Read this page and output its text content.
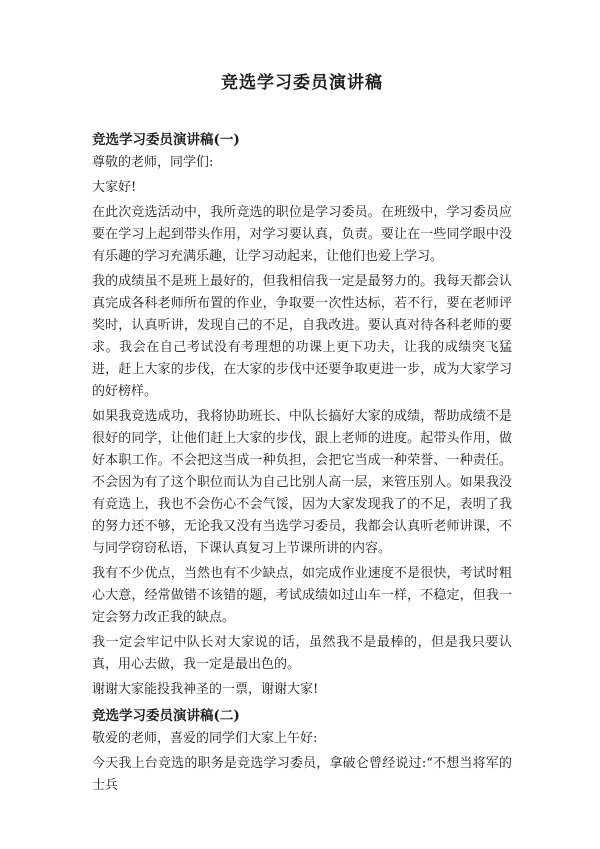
竞选学习委员演讲稿
竞选学习委员演讲稿(一)

尊敬的老师，同学们:

大家好!

在此次竞选活动中，我所竞选的职位是学习委员。在班级中，学习委员应要在学习上起到带头作用，对学习要认真，负责。要让在一些同学眼中没有乐趣的学习充满乐趣，让学习动起来，让他们也爱上学习。

我的成绩虽不是班上最好的，但我相信我一定是最努力的。我每天都会认真完成各科老师所布置的作业，争取要一次性达标，若不行，要在老师评奖时，认真听讲，发现自己的不足，自我改进。要认真对待各科老师的要求。我会在自己考试没有考理想的功课上更下功夫，让我的成绩突飞猛进，赶上大家的步伐，在大家的步伐中还要争取更进一步，成为大家学习的好榜样。

如果我竞选成功，我将协助班长、中队长搞好大家的成绩，帮助成绩不是很好的同学，让他们赶上大家的步伐，跟上老师的进度。起带头作用，做好本职工作。不会把这当成一种负担，会把它当成一种荣誉、一种责任。不会因为有了这个职位而认为自己比别人高一层，来管压别人。如果我没有竞选上，我也不会伤心不会气馁，因为大家发现我了的不足，表明了我的努力还不够，无论我又没有当选学习委员，我都会认真听老师讲课，不与同学窃窃私语，下课认真复习上节课所讲的内容。

我有不少优点，当然也有不少缺点，如完成作业速度不是很快，考试时粗心大意，经常做错不该错的题，考试成绩如过山车一样，不稳定，但我一定会努力改正我的缺点。

我一定会牢记中队长对大家说的话，虽然我不是最棒的，但是我只要认真，用心去做，我一定是最出色的。

谢谢大家能投我神圣的一票，谢谢大家!

竞选学习委员演讲稿(二)

敬爱的老师，喜爱的同学们大家上午好:

今天我上台竞选的职务是竞选学习委员，拿破仑曾经说过:“不想当将军的士兵
